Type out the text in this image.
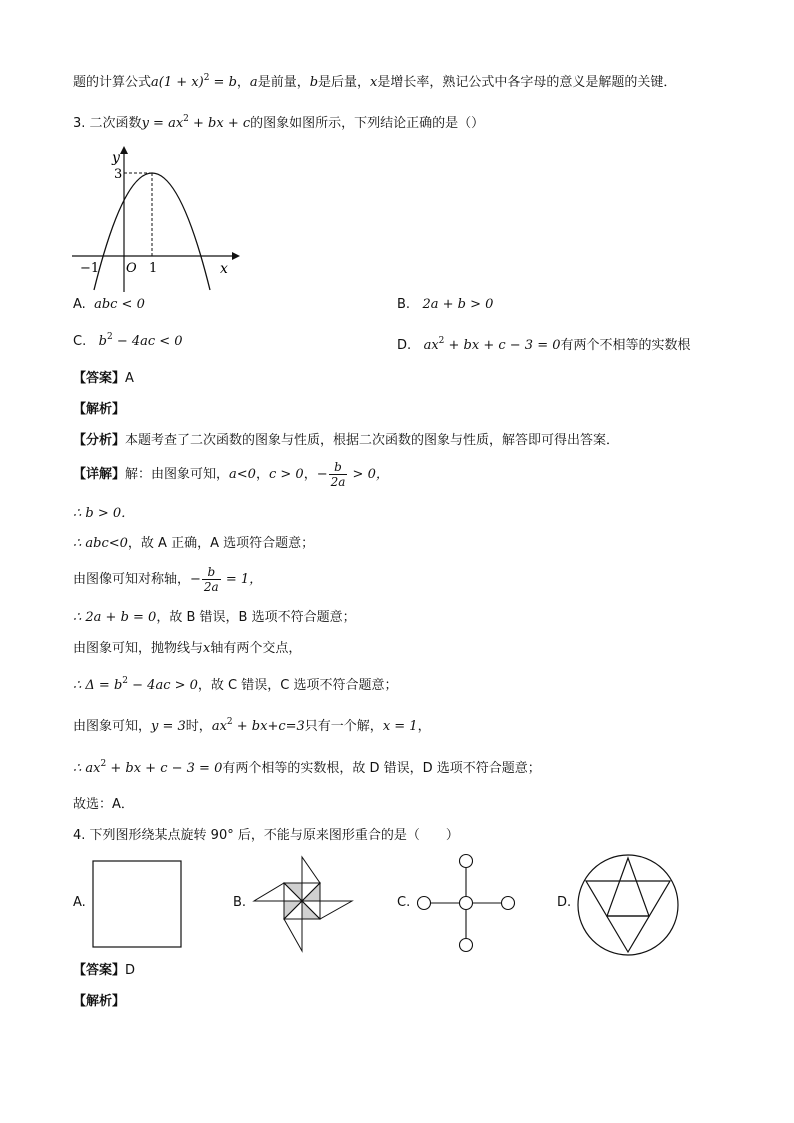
题的计算公式$a(1 + x)^2 = b$，a是前量，b是后量，x是增长率，熟记公式中各字母的意义是解题的关键．
3. 二次函数$y = ax^2$ + bx + c的图象如图所示，下列结论正确的是（）
y
x
O
−1	1
3
A. abc < 0	B. 2a + b > 0
C. $b^2 - 4ac < 0$	D. $ax^2$ + bx + c − 3 = 0有两个不相等的实数根
【答案】A
【解析】
【分析】本题考查了二次函数的图象与性质，根据二次函数的图象与性质，解答即可得出答案．
【详解】解：由图象可知，a<0，c > 0，− $\frac{b}{2a} > 0$，
∴ b > 0．
∴ abc<0，故 A 正确，A 选项符合题意；
由图像可知对称轴，− $\frac{b}{2a} = 1$，
∴ 2a + b = 0，故 B 错误，B 选项不符合题意；
由图象可知，抛物线与x轴有两个交点，
∴ $\Delta = b^2 - 4ac > 0$，故 C 错误，C 选项不符合题意；
由图象可知，y = 3时，$ax^2 + bx+c=3$只有一个解，x = 1，
∴ $ax^2$ + bx + c − 3 = 0有两个相等的实数根，故 D 错误，D 选项不符合题意；
故选：A．
4. 下列图形绕某点旋转 90° 后，不能与原来图形重合的是（　　）
A.	B.	C.	D.
【答案】D
【解析】
